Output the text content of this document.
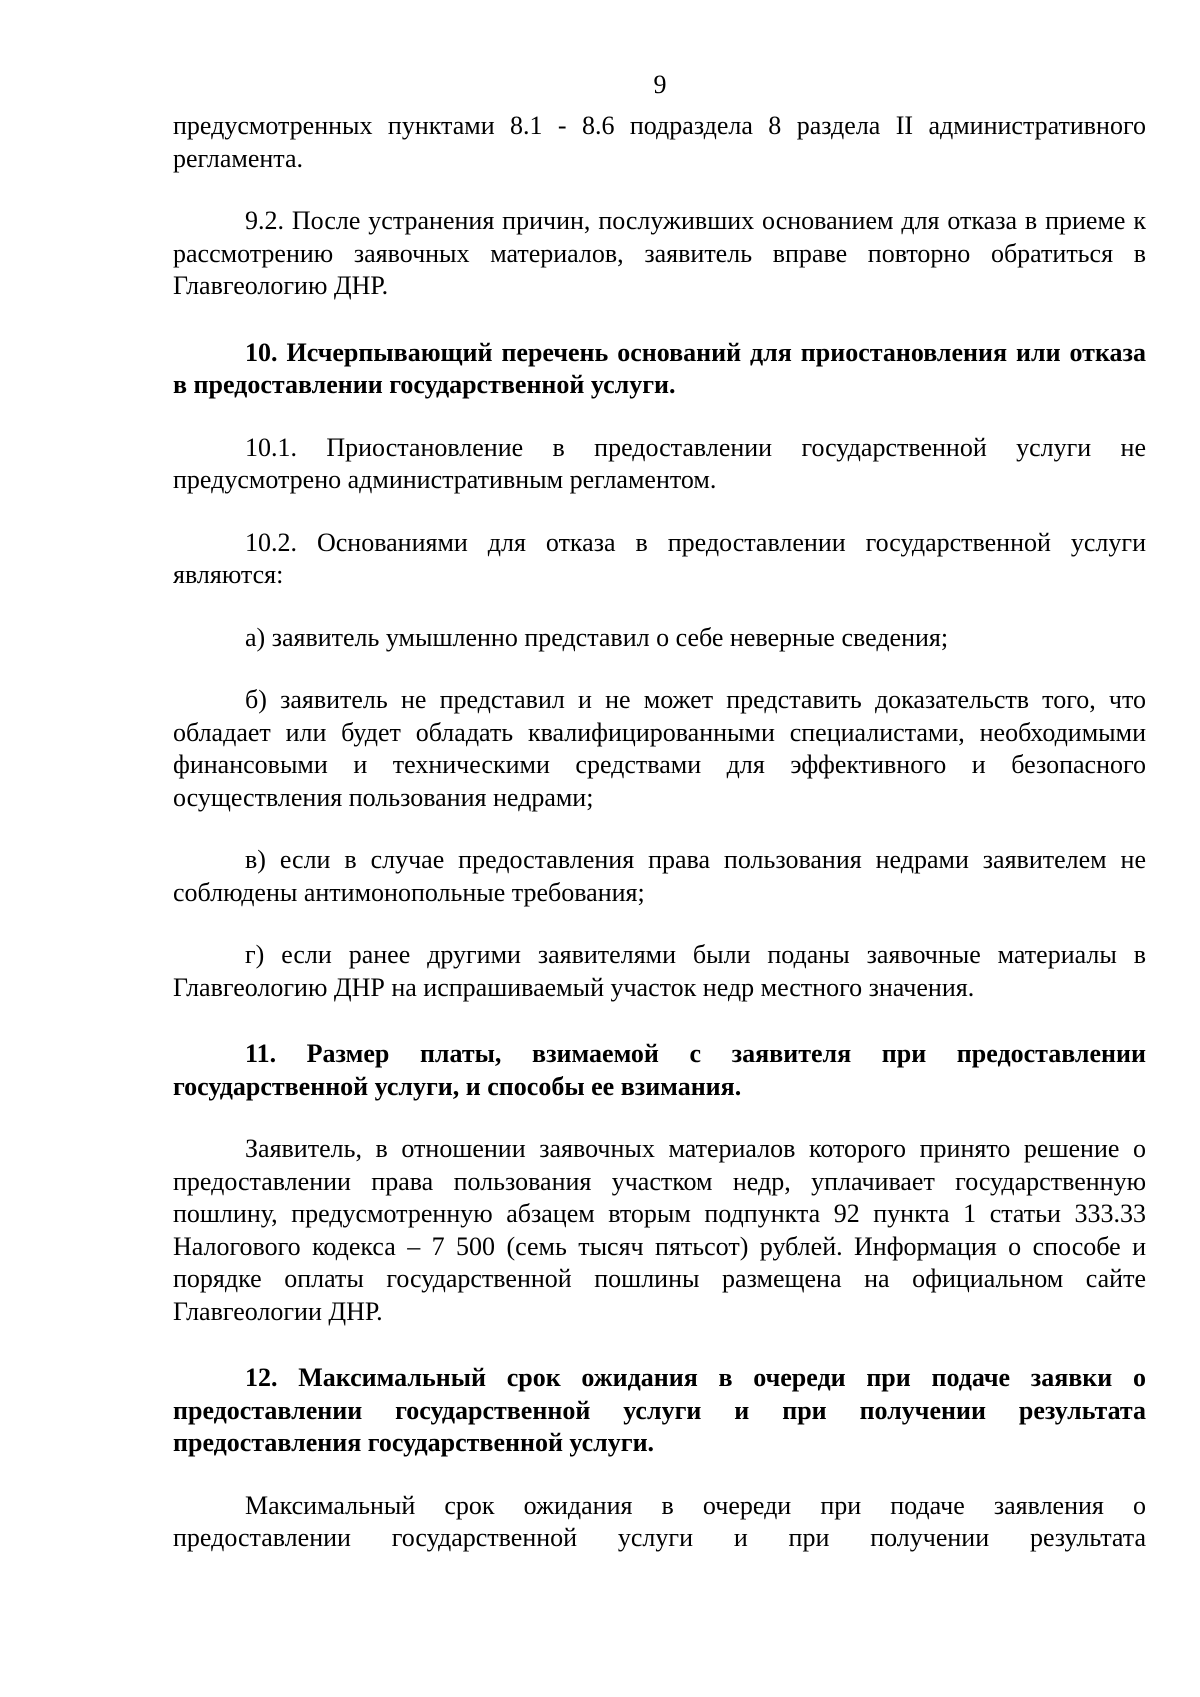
9

предусмотренных пунктами 8.1 - 8.6 подраздела 8 раздела II административного регламента.

9.2. После устранения причин, послуживших основанием для отказа в приеме к рассмотрению заявочных материалов, заявитель вправе повторно обратиться в Главгеологию ДНР.

10. Исчерпывающий перечень оснований для приостановления или отказа в предоставлении государственной услуги.

10.1. Приостановление в предоставлении государственной услуги не предусмотрено административным регламентом.

10.2. Основаниями для отказа в предоставлении государственной услуги являются:

а) заявитель умышленно представил о себе неверные сведения;

б) заявитель не представил и не может представить доказательств того, что обладает или будет обладать квалифицированными специалистами, необходимыми финансовыми и техническими средствами для эффективного и безопасного осуществления пользования недрами;

в) если в случае предоставления права пользования недрами заявителем не соблюдены антимонопольные требования;

г) если ранее другими заявителями были поданы заявочные материалы в Главгеологию ДНР на испрашиваемый участок недр местного значения.

11. Размер платы, взимаемой с заявителя при предоставлении государственной услуги, и способы ее взимания.

Заявитель, в отношении заявочных материалов которого принято решение о предоставлении права пользования участком недр, уплачивает государственную пошлину, предусмотренную абзацем вторым подпункта 92 пункта 1 статьи 333.33 Налогового кодекса – 7 500 (семь тысяч пятьсот) рублей. Информация о способе и порядке оплаты государственной пошлины размещена на официальном сайте Главгеологии ДНР.

12. Максимальный срок ожидания в очереди при подаче заявки о предоставлении государственной услуги и при получении результата предоставления государственной услуги.

Максимальный срок ожидания в очереди при подаче заявления о предоставлении государственной услуги и при получении результата
